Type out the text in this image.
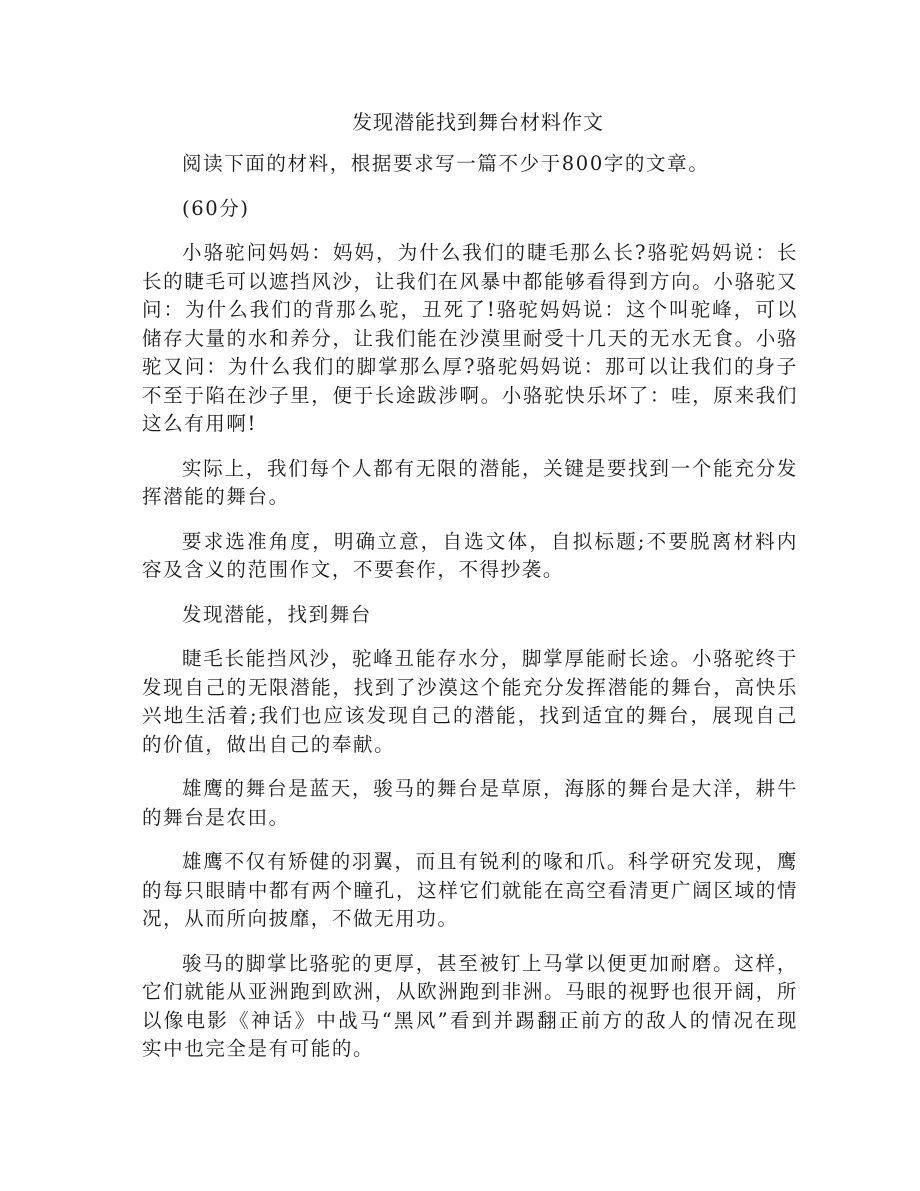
发现潜能找到舞台材料作文

阅读下面的材料，根据要求写一篇不少于800字的文章。

(60分)

小骆驼问妈妈：妈妈，为什么我们的睫毛那么长?骆驼妈妈说：长长的睫毛可以遮挡风沙，让我们在风暴中都能够看得到方向。小骆驼又问：为什么我们的背那么驼，丑死了!骆驼妈妈说：这个叫驼峰，可以储存大量的水和养分，让我们能在沙漠里耐受十几天的无水无食。小骆驼又问：为什么我们的脚掌那么厚?骆驼妈妈说：那可以让我们的身子不至于陷在沙子里，便于长途跋涉啊。小骆驼快乐坏了：哇，原来我们这么有用啊!

实际上，我们每个人都有无限的潜能，关键是要找到一个能充分发挥潜能的舞台。

要求选准角度，明确立意，自选文体，自拟标题;不要脱离材料内容及含义的范围作文，不要套作，不得抄袭。

发现潜能，找到舞台

睫毛长能挡风沙，驼峰丑能存水分，脚掌厚能耐长途。小骆驼终于发现自己的无限潜能，找到了沙漠这个能充分发挥潜能的舞台，高快乐兴地生活着;我们也应该发现自己的潜能，找到适宜的舞台，展现自己的价值，做出自己的奉献。

雄鹰的舞台是蓝天，骏马的舞台是草原，海豚的舞台是大洋，耕牛的舞台是农田。

雄鹰不仅有矫健的羽翼，而且有锐利的喙和爪。科学研究发现，鹰的每只眼睛中都有两个瞳孔，这样它们就能在高空看清更广阔区域的情况，从而所向披靡，不做无用功。

骏马的脚掌比骆驼的更厚，甚至被钉上马掌以便更加耐磨。这样，它们就能从亚洲跑到欧洲，从欧洲跑到非洲。马眼的视野也很开阔，所以像电影《神话》中战马“黑风”看到并踢翻正前方的敌人的情况在现实中也完全是有可能的。
